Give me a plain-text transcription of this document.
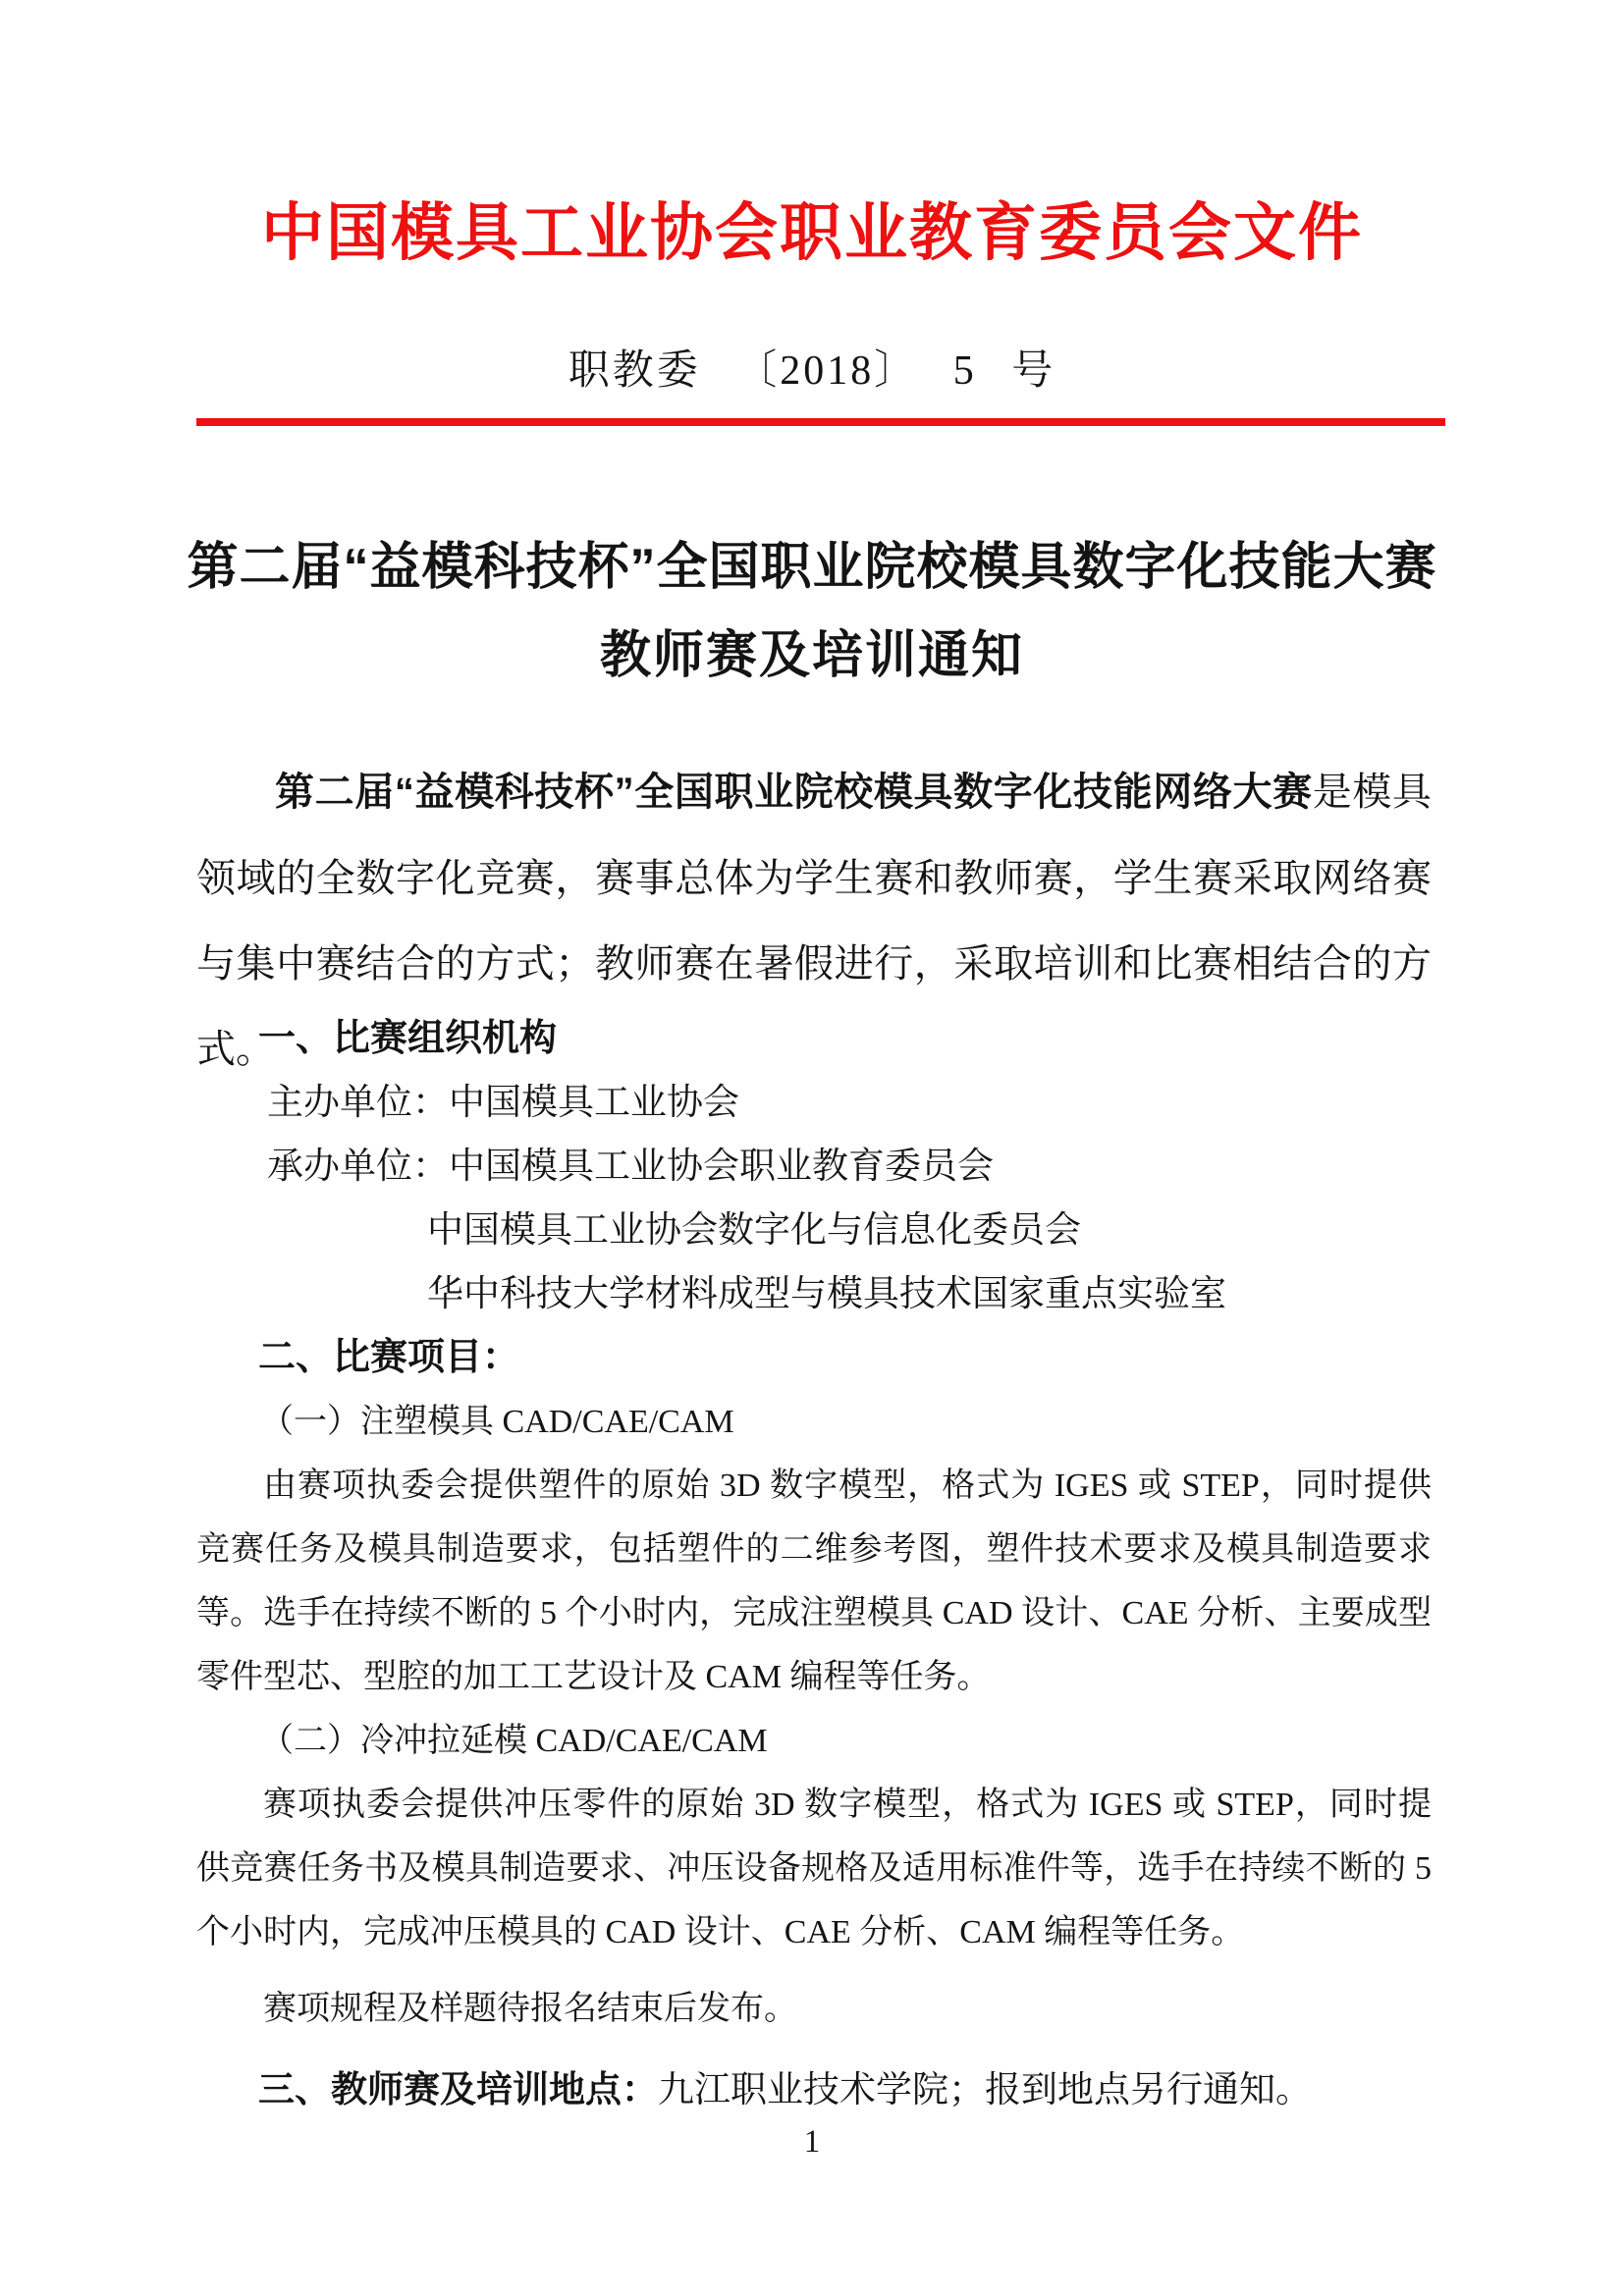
中国模具工业协会职业教育委员会文件
职教委 〔2018〕 5 号
第二届“益模科技杯”全国职业院校模具数字化技能大赛
教师赛及培训通知

第二届“益模科技杯”全国职业院校模具数字化技能网络大赛是模具领域的全数字化竞赛，赛事总体为学生赛和教师赛，学生赛采取网络赛与集中赛结合的方式；教师赛在暑假进行，采取培训和比赛相结合的方式。

一、比赛组织机构
主办单位：中国模具工业协会
承办单位：中国模具工业协会职业教育委员会
中国模具工业协会数字化与信息化委员会
华中科技大学材料成型与模具技术国家重点实验室
二、比赛项目：
（一）注塑模具 CAD/CAE/CAM

由赛项执委会提供塑件的原始 3D 数字模型，格式为 IGES 或 STEP，同时提供竞赛任务及模具制造要求，包括塑件的二维参考图，塑件技术要求及模具制造要求等。选手在持续不断的 5 个小时内，完成注塑模具 CAD 设计、CAE 分析、主要成型零件型芯、型腔的加工工艺设计及 CAM 编程等任务。

（二）冷冲拉延模 CAD/CAE/CAM

赛项执委会提供冲压零件的原始 3D 数字模型，格式为 IGES 或 STEP，同时提供竞赛任务书及模具制造要求、冲压设备规格及适用标准件等，选手在持续不断的 5 个小时内，完成冲压模具的 CAD 设计、CAE 分析、CAM 编程等任务。

赛项规程及样题待报名结束后发布。
三、教师赛及培训地点：九江职业技术学院；报到地点另行通知。
1
